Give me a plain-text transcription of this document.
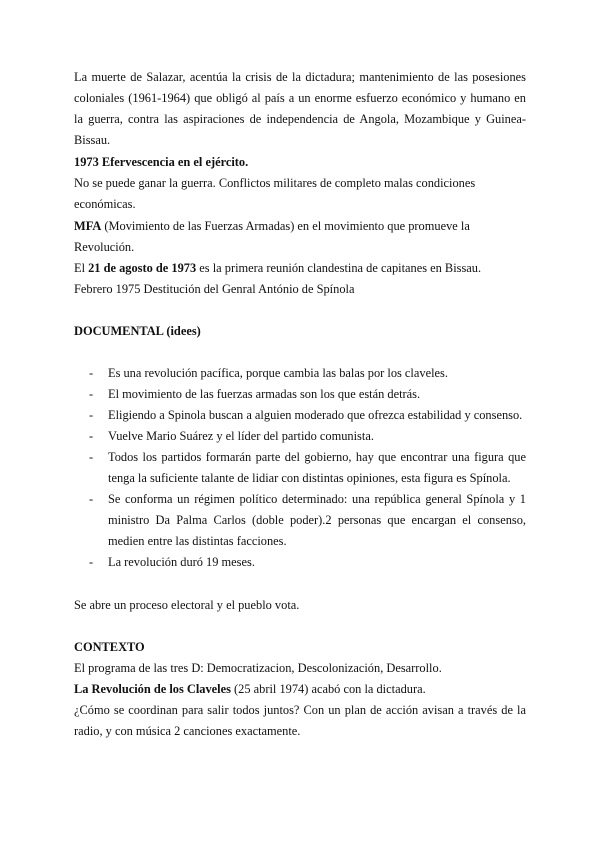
La muerte de Salazar, acentúa la crisis de la dictadura; mantenimiento de las posesiones coloniales (1961-1964) que obligó al país a un enorme esfuerzo económico y humano en la guerra, contra las aspiraciones de independencia de Angola, Mozambique y Guinea-Bissau.

1973 Efervescencia en el ejército.
No se puede ganar la guerra. Conflictos militares de completo malas condiciones económicas.

MFA (Movimiento de las Fuerzas Armadas) en el movimiento que promueve la Revolución.

El 21 de agosto de 1973 es la primera reunión clandestina de capitanes en Bissau.
Febrero 1975 Destitución del Genral António de Spínola

DOCUMENTAL (idees)

- Es una revolución pacífica, porque cambia las balas por los claveles.
- El movimiento de las fuerzas armadas son los que están detrás.
- Eligiendo a Spinola buscan a alguien moderado que ofrezca estabilidad y consenso.
- Vuelve Mario Suárez y el líder del partido comunista.
- Todos los partidos formarán parte del gobierno, hay que encontrar una figura que tenga la suficiente talante de lidiar con distintas opiniones, esta figura es Spínola.
- Se conforma un régimen político determinado: una república general Spínola y 1 ministro Da Palma Carlos (doble poder).2 personas que encargan el consenso, medien entre las distintas facciones.
- La revolución duró 19 meses.

Se abre un proceso electoral y el pueblo vota.

CONTEXTO
El programa de las tres D: Democratizacion, Descolonización, Desarrollo.
La Revolución de los Claveles (25 abril 1974) acabó con la dictadura.
¿Cómo se coordinan para salir todos juntos? Con un plan de acción avisan a través de la radio, y con música 2 canciones exactamente.
